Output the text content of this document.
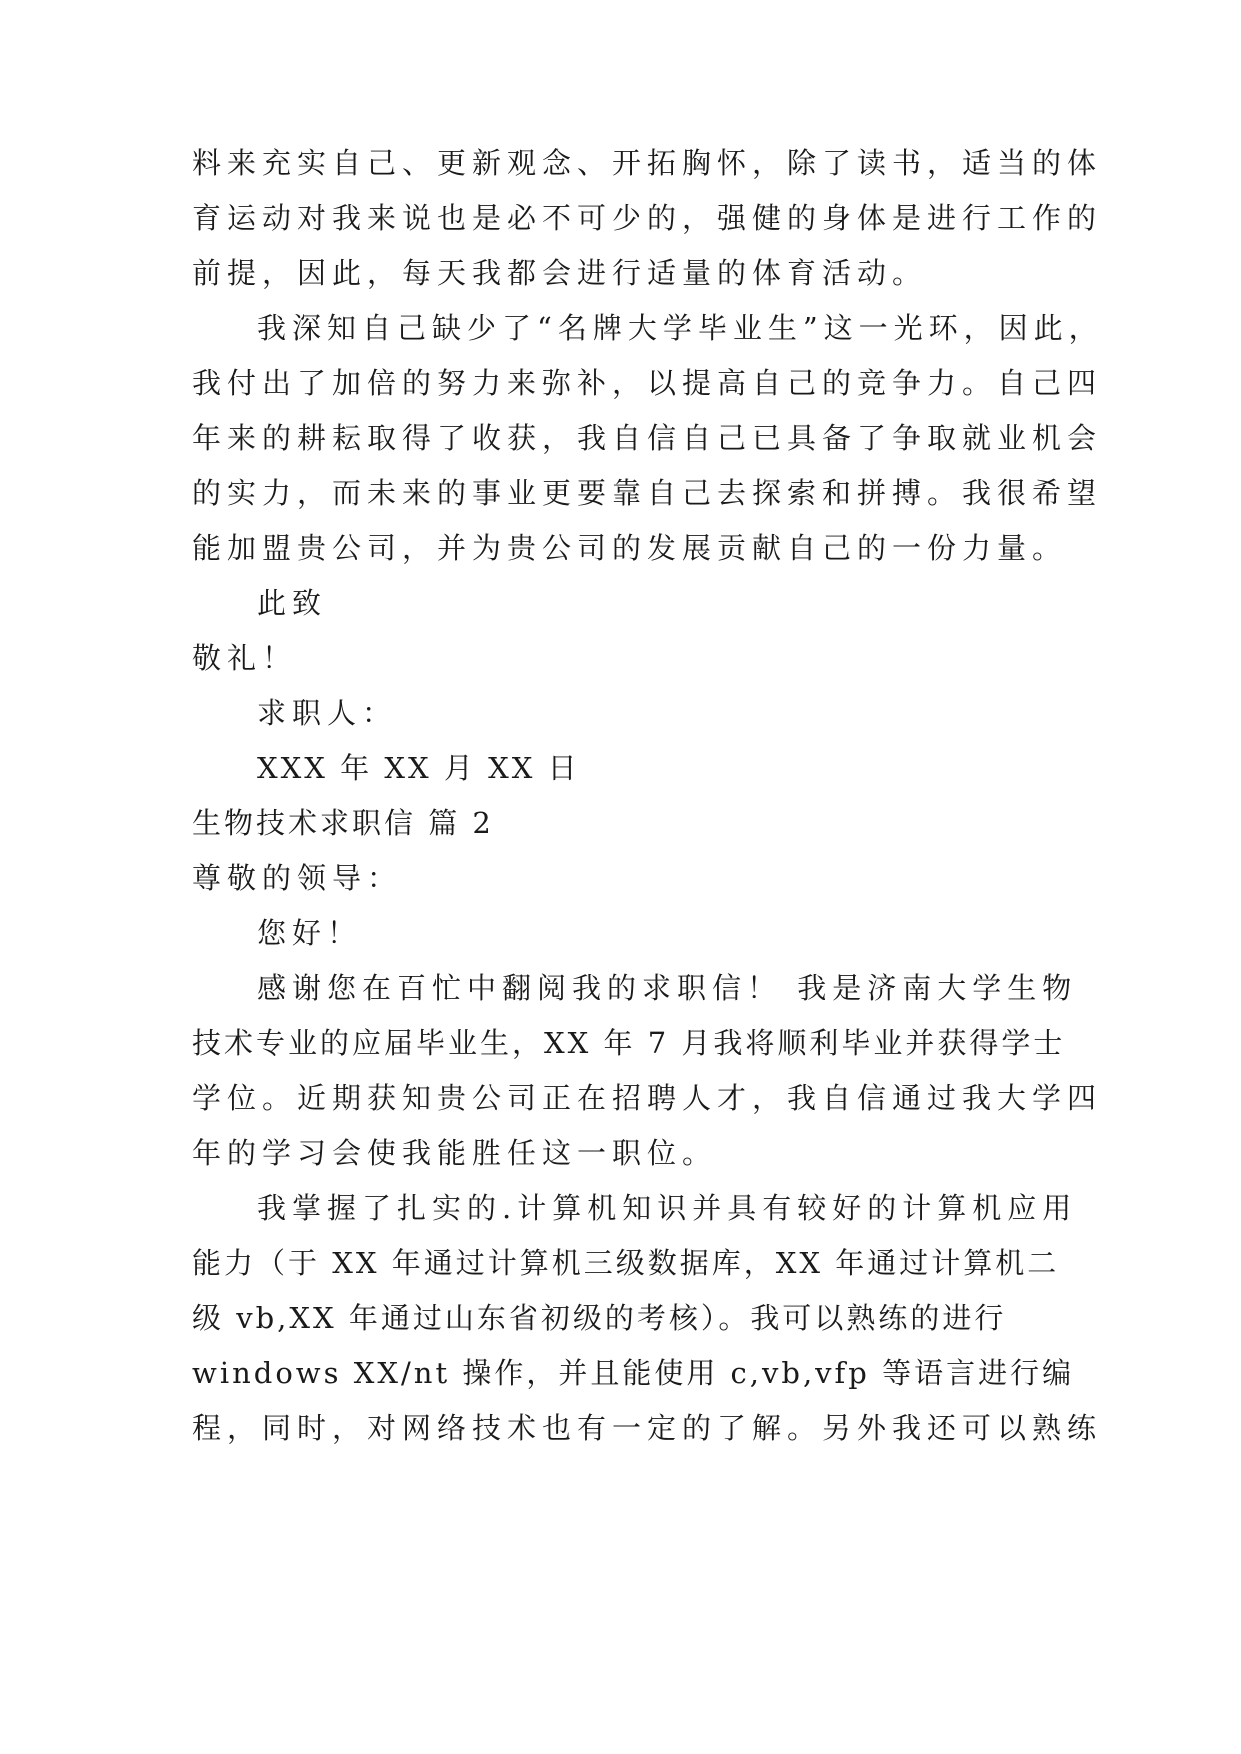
料来充实自己、更新观念、开拓胸怀，除了读书，适当的体
育运动对我来说也是必不可少的，强健的身体是进行工作的
前提，因此，每天我都会进行适量的体育活动。
我深知自己缺少了“名牌大学毕业生”这一光环，因此，
我付出了加倍的努力来弥补，以提高自己的竞争力。自己四
年来的耕耘取得了收获，我自信自己已具备了争取就业机会
的实力，而未来的事业更要靠自己去探索和拼搏。我很希望
能加盟贵公司，并为贵公司的发展贡献自己的一份力量。
此致
敬礼！
求职人：
XXX 年 XX 月 XX 日
生物技术求职信 篇 2
尊敬的领导：
您好！
感谢您在百忙中翻阅我的求职信！ 我是济南大学生物
技术专业的应届毕业生，XX 年 7 月我将顺利毕业并获得学士
学位。近期获知贵公司正在招聘人才，我自信通过我大学四
年的学习会使我能胜任这一职位。
我掌握了扎实的.计算机知识并具有较好的计算机应用
能力（于 XX 年通过计算机三级数据库，XX 年通过计算机二
级 vb,XX 年通过山东省初级的考核）。我可以熟练的进行
windows XX/nt 操作，并且能使用 c,vb,vfp 等语言进行编
程，同时，对网络技术也有一定的了解。另外我还可以熟练
